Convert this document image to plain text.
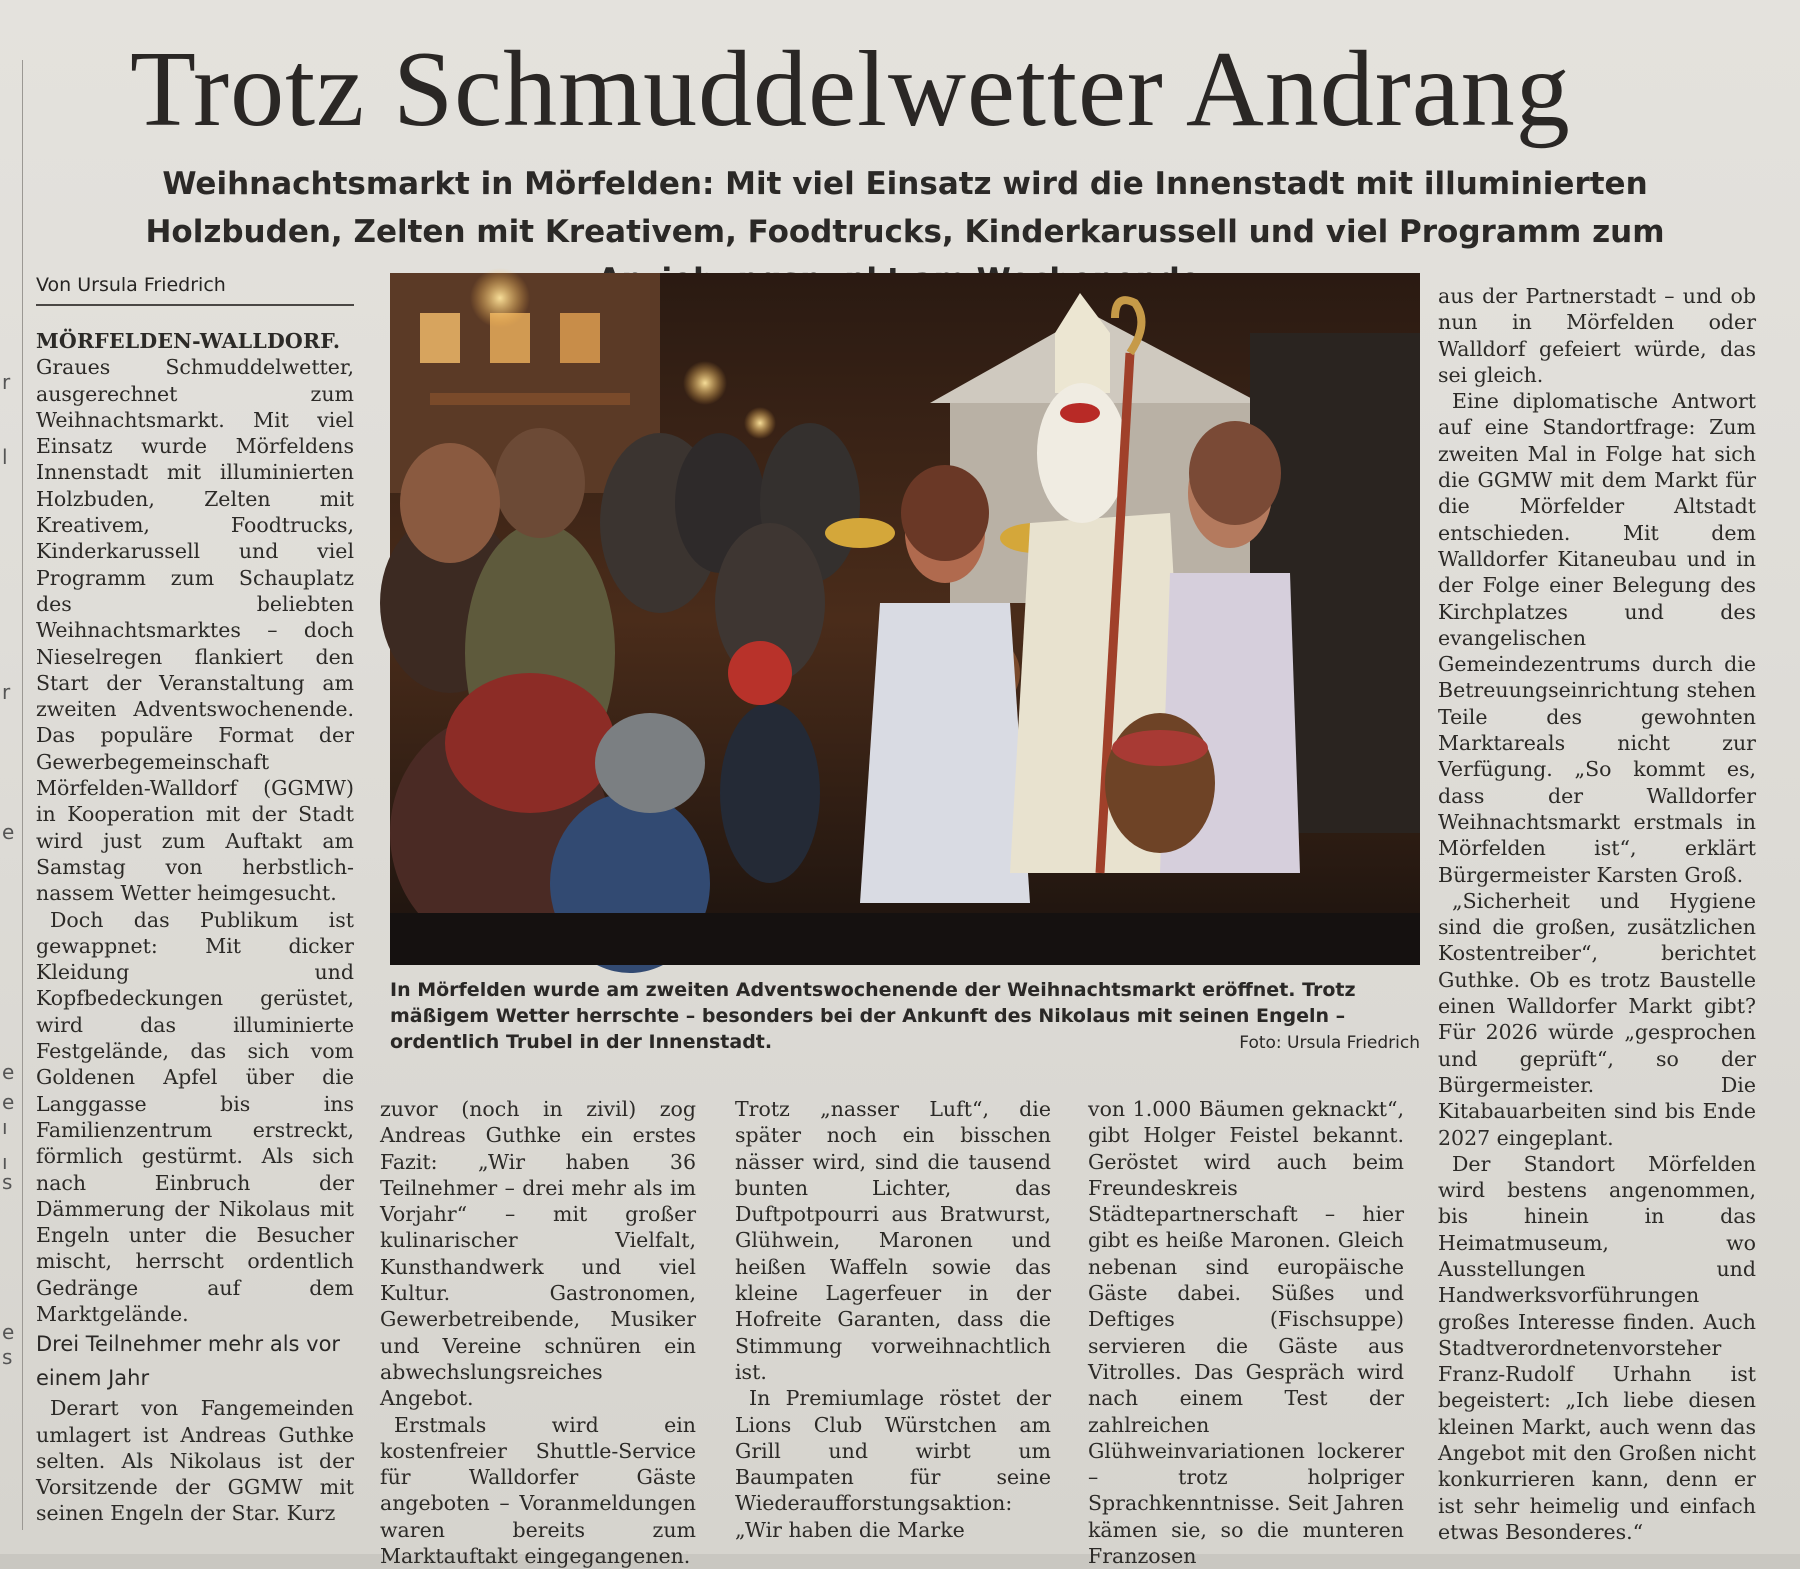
r
l
r
e
e
e
ı
ı
s
e
s
Trotz Schmuddelwetter Andrang

Weihnachtsmarkt in Mörfelden: Mit viel Einsatz wird die Innenstadt mit illuminierten Holzbuden, Zelten mit Kreativem, Foodtrucks, Kinderkarussell und viel Programm zum

Von Ursula Friedrich

MÖRFELDEN-WALLDORF. Graues Schmuddelwetter, ausgerechnet zum Weihnachtsmarkt. Mit viel Einsatz wurde Mörfeldens Innenstadt mit illuminierten Holzbuden, Zelten mit Kreativem, Foodtrucks, Kinderkarussell und viel Programm zum Schauplatz des beliebten Weihnachtsmarktes – doch Nieselregen flankiert den Start der Veranstaltung am zweiten Adventswochenende. Das populäre Format der Gewerbegemeinschaft Mörfelden-Walldorf (GGMW) in Kooperation mit der Stadt wird just zum Auftakt am Samstag von herbstlich-nassem Wetter heimgesucht.

Doch das Publikum ist gewappnet: Mit dicker Kleidung und Kopfbedeckungen gerüstet, wird das illuminierte Festgelände, das sich vom Goldenen Apfel über die Langgasse bis ins Familienzentrum erstreckt, förmlich gestürmt. Als sich nach Einbruch der Dämmerung der Nikolaus mit Engeln unter die Besucher mischt, herrscht ordentlich Gedränge auf dem Marktgelände.

Drei Teilnehmer mehr als vor einem Jahr

Derart von Fangemeinden umlagert ist Andreas Guthke selten. Als Nikolaus ist der Vorsitzende der GGMW mit seinen Engeln der Star. Kurz

In Mörfelden wurde am zweiten Adventswochenende der Weihnachtsmarkt eröffnet. Trotz mäßigem Wetter herrschte – besonders bei der Ankunft des Nikolaus mit seinen Engeln – ordentlich Trubel in der Innenstadt.	Foto: Ursula Friedrich

zuvor (noch in zivil) zog Andreas Guthke ein erstes Fazit: „Wir haben 36 Teilnehmer – drei mehr als im Vorjahr“ – mit großer kulinarischer Vielfalt, Kunsthandwerk und viel Kultur. Gastronomen, Gewerbetreibende, Musiker und Vereine schnüren ein abwechslungsreiches Angebot.

Erstmals wird ein kostenfreier Shuttle-Service für Walldorfer Gäste angeboten – Voranmeldungen waren bereits zum Marktauftakt eingegangenen.

Trotz „nasser Luft“, die später noch ein bisschen nässer wird, sind die tausend bunten Lichter, das Duftpotpourri aus Bratwurst, Glühwein, Maronen und heißen Waffeln sowie das kleine Lagerfeuer in der Hofreite Garanten, dass die Stimmung vorweihnachtlich ist.

In Premiumlage röstet der Lions Club Würstchen am Grill und wirbt um Baumpaten für seine Wiederaufforstungsaktion: „Wir haben die Marke

von 1.000 Bäumen geknackt“, gibt Holger Feistel bekannt. Geröstet wird auch beim Freundeskreis Städtepartnerschaft – hier gibt es heiße Maronen. Gleich nebenan sind europäische Gäste dabei. Süßes und Deftiges (Fischsuppe) servieren die Gäste aus Vitrolles. Das Gespräch wird nach einem Test der zahlreichen Glühweinvariationen lockerer – trotz holpriger Sprachkenntnisse. Seit Jahren kämen sie, so die munteren Franzosen

aus der Partnerstadt – und ob nun in Mörfelden oder Walldorf gefeiert würde, das sei gleich.

Eine diplomatische Antwort auf eine Standortfrage: Zum zweiten Mal in Folge hat sich die GGMW mit dem Markt für die Mörfelder Altstadt entschieden. Mit dem Walldorfer Kitaneubau und in der Folge einer Belegung des Kirchplatzes und des evangelischen Gemeindezentrums durch die Betreuungseinrichtung stehen Teile des gewohnten Marktareals nicht zur Verfügung. „So kommt es, dass der Walldorfer Weihnachtsmarkt erstmals in Mörfelden ist“, erklärt Bürgermeister Karsten Groß.

„Sicherheit und Hygiene sind die großen, zusätzlichen Kostentreiber“, berichtet Guthke. Ob es trotz Baustelle einen Walldorfer Markt gibt? Für 2026 würde „gesprochen und geprüft“, so der Bürgermeister. Die Kitabauarbeiten sind bis Ende 2027 eingeplant.

Der Standort Mörfelden wird bestens angenommen, bis hinein in das Heimatmuseum, wo Ausstellungen und Handwerksvorführungen großes Interesse finden. Auch Stadtverordnetenvorsteher Franz-Rudolf Urhahn ist begeistert: „Ich liebe diesen kleinen Markt, auch wenn das Angebot mit den Großen nicht konkurrieren kann, denn er ist sehr heimelig und einfach etwas Besonderes.“
